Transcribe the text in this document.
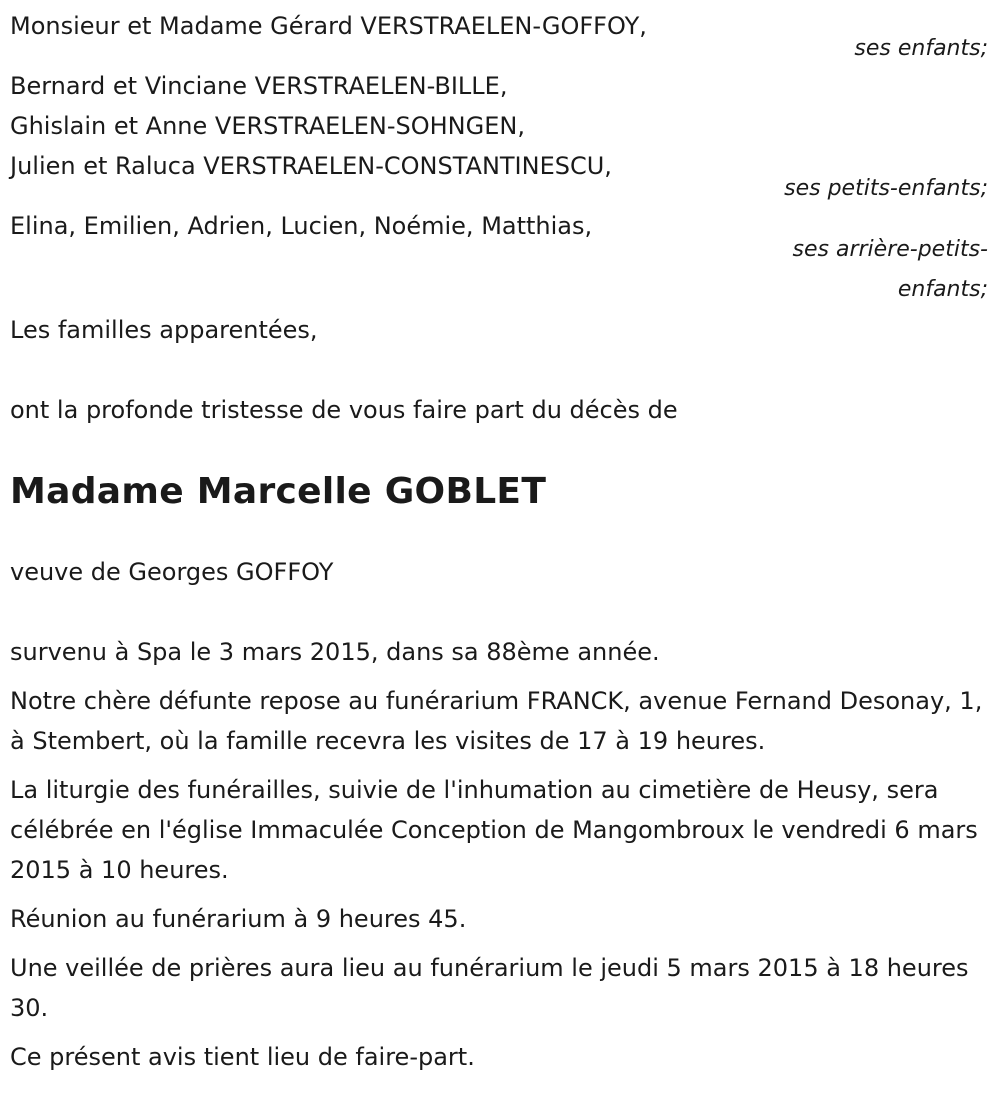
Monsieur et Madame Gérard VERSTRAELEN-GOFFOY,

ses enfants;

Bernard et Vinciane VERSTRAELEN-BILLE,

Ghislain et Anne VERSTRAELEN-SOHNGEN,

Julien et Raluca VERSTRAELEN-CONSTANTINESCU,

ses petits-enfants;

Elina, Emilien, Adrien, Lucien, Noémie, Matthias,

ses arrière-petits-

enfants;

Les familles apparentées,

ont la profonde tristesse de vous faire part du décès de

Madame Marcelle GOBLET

veuve de Georges GOFFOY

survenu à Spa le 3 mars 2015, dans sa 88ème année.

Notre chère défunte repose au funérarium FRANCK, avenue Fernand Desonay, 1, à Stembert, où la famille recevra les visites de 17 à 19 heures.

La liturgie des funérailles, suivie de l'inhumation au cimetière de Heusy, sera célébrée en l'église Immaculée Conception de Mangombroux le vendredi 6 mars 2015 à 10 heures.

Réunion au funérarium à 9 heures 45.

Une veillée de prières aura lieu au funérarium le jeudi 5 mars 2015 à 18 heures 30.

Ce présent avis tient lieu de faire-part.
